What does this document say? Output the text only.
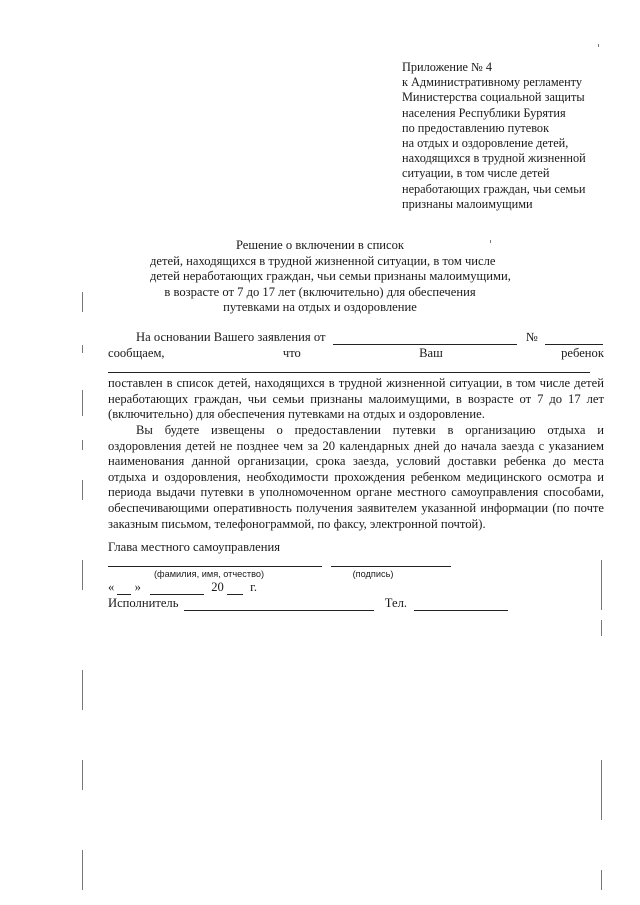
Приложение № 4
к Административному регламенту
Министерства социальной защиты
населения Республики Бурятия
по предоставлению путевок
на отдых и оздоровление детей,
находящихся в трудной жизненной
ситуации, в том числе детей
неработающих граждан, чьи семьи
признаны малоимущими
Решение о включении в список
детей, находящихся в трудной жизненной ситуации, в том числе
детей неработающих граждан, чьи семьи признаны малоимущими,
в возрасте от 7 до 17 лет (включительно) для обеспечения
путевками на отдых и оздоровление
На основании Вашего заявления от	№
сообщаем,	что	Ваш	ребенок
поставлен в список детей, находящихся в трудной жизненной ситуации, в том числе детей
неработающих граждан, чьи семьи признаны малоимущими, в возрасте от 7 до 17 лет
(включительно) для обеспечения путевками на отдых и оздоровление.
Вы будете извещены о предоставлении путевки в организацию отдыха и
оздоровления детей не позднее чем за 20 календарных дней до начала заезда с указанием
наименования данной организации, срока заезда, условий доставки ребенка до места
отдыха и оздоровления, необходимости прохождения ребенком медицинского осмотра и
периода выдачи путевки в уполномоченном органе местного самоуправления способами,
обеспечивающими оперативность получения заявителем указанной информации (по почте
заказным письмом, телефонограммой, по факсу, электронной почтой).
Глава местного самоуправления

(фамилия, имя, отчество)	(подпись)
« »	20 г.
Исполнитель	Тел.
